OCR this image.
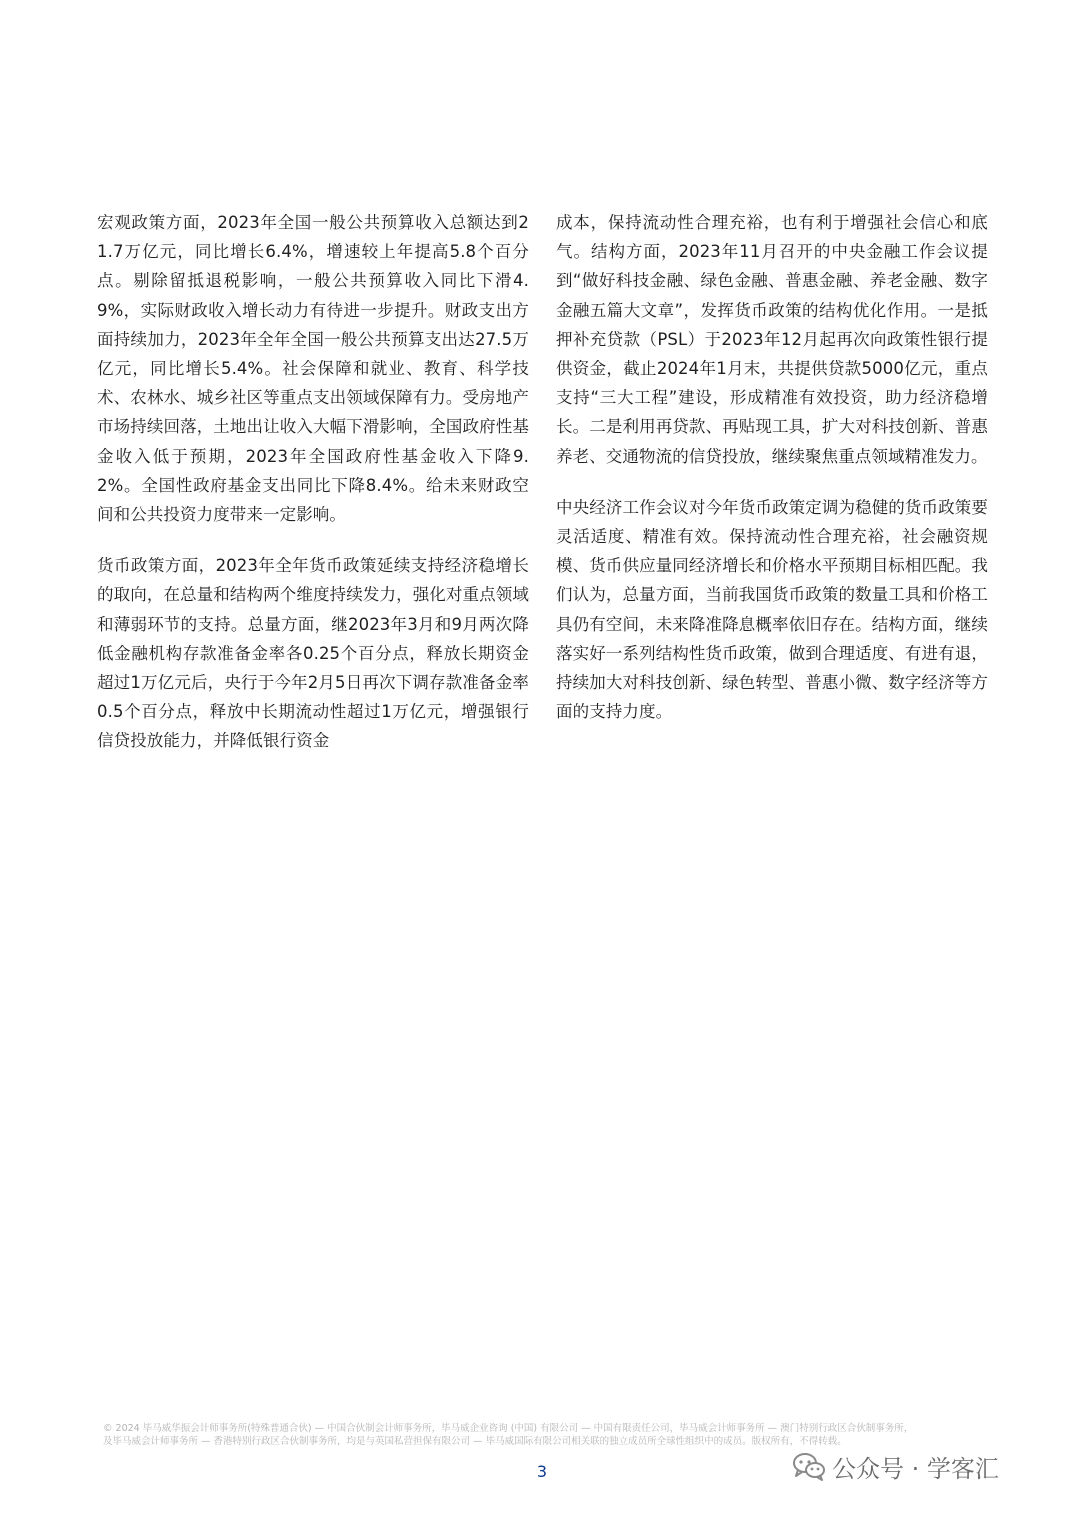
宏观政策方面，2023年全国一般公共预算收入总额达到21.7万亿元，同比增长6.4%，增速较上年提高5.8个百分点。剔除留抵退税影响，一般公共预算收入同比下滑4.9%，实际财政收入增长动力有待进一步提升。财政支出方面持续加力，2023年全年全国一般公共预算支出达27.5万亿元，同比增长5.4%。社会保障和就业、教育、科学技术、农林水、城乡社区等重点支出领域保障有力。受房地产市场持续回落，土地出让收入大幅下滑影响，全国政府性基金收入低于预期，2023年全国政府性基金收入下降9.2%。全国性政府基金支出同比下降8.4%。给未来财政空间和公共投资力度带来一定影响。

货币政策方面，2023年全年货币政策延续支持经济稳增长的取向，在总量和结构两个维度持续发力，强化对重点领域和薄弱环节的支持。总量方面，继2023年3月和9月两次降低金融机构存款准备金率各0.25个百分点，释放长期资金超过1万亿元后，央行于今年2月5日再次下调存款准备金率0.5个百分点，释放中长期流动性超过1万亿元，增强银行信贷投放能力，并降低银行资金

成本，保持流动性合理充裕，也有利于增强社会信心和底气。结构方面，2023年11月召开的中央金融工作会议提到“做好科技金融、绿色金融、普惠金融、养老金融、数字金融五篇大文章”，发挥货币政策的结构优化作用。一是抵押补充贷款（PSL）于2023年12月起再次向政策性银行提供资金，截止2024年1月末，共提供贷款5000亿元，重点支持“三大工程”建设，形成精准有效投资，助力经济稳增长。二是利用再贷款、再贴现工具，扩大对科技创新、普惠养老、交通物流的信贷投放，继续聚焦重点领域精准发力。

中央经济工作会议对今年货币政策定调为稳健的货币政策要灵活适度、精准有效。保持流动性合理充裕，社会融资规模、货币供应量同经济增长和价格水平预期目标相匹配。我们认为，总量方面，当前我国货币政策的数量工具和价格工具仍有空间，未来降准降息概率依旧存在。结构方面，继续落实好一系列结构性货币政策，做到合理适度、有进有退，持续加大对科技创新、绿色转型、普惠小微、数字经济等方面的支持力度。

© 2024 毕马威华振会计师事务所(特殊普通合伙) — 中国合伙制会计师事务所，毕马威企业咨询 (中国) 有限公司 — 中国有限责任公司，毕马威会计师事务所 — 澳门特别行政区合伙制事务所，
及毕马威会计师事务所 — 香港特别行政区合伙制事务所，均是与英国私营担保有限公司 — 毕马威国际有限公司相关联的独立成员所全球性组织中的成员。版权所有，不得转载。
3	公众号 · 学客汇
